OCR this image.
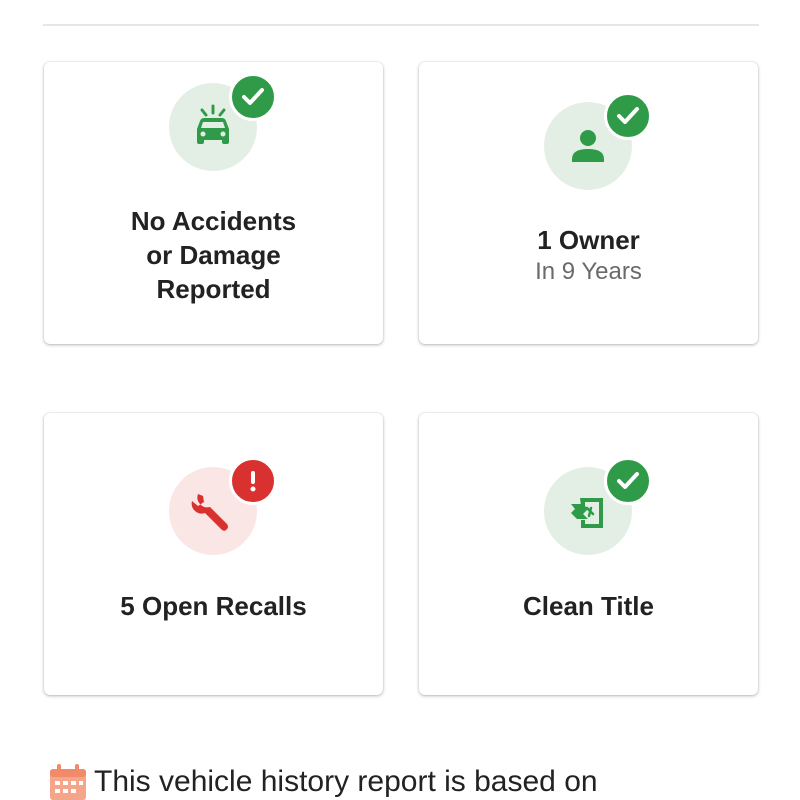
No Accidents
or Damage
Reported
1 Owner
In 9 Years
5 Open Recalls	Clean Title
This vehicle history report is based on
